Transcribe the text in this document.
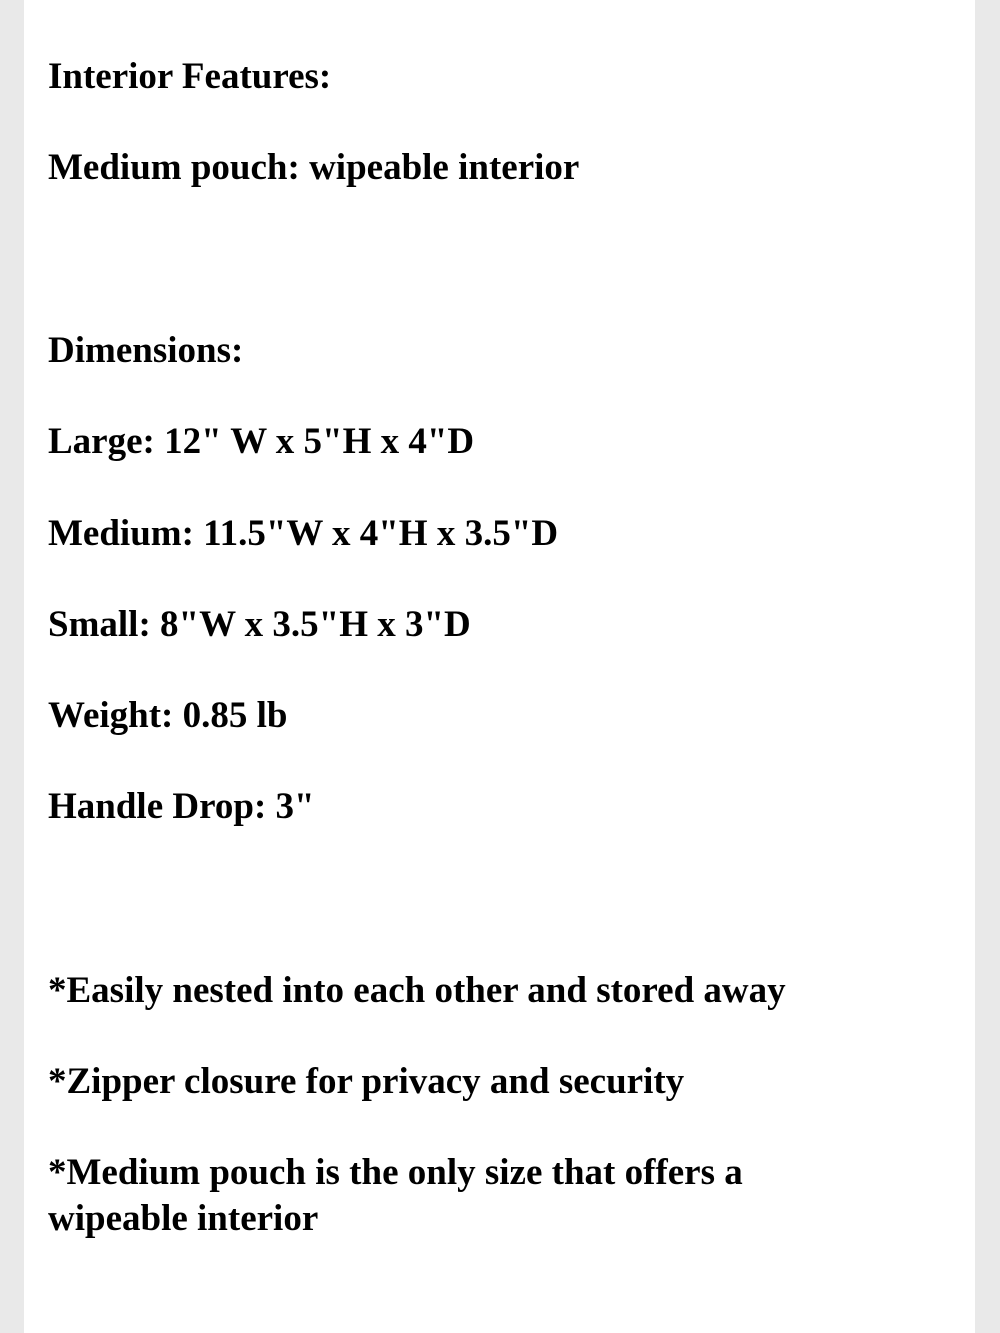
Interior Features:

Medium pouch: wipeable interior

Dimensions:

Large: 12" W x 5"H x 4"D

Medium: 11.5"W x 4"H x 3.5"D

Small: 8"W x 3.5"H x 3"D

Weight: 0.85 lb

Handle Drop: 3"

*Easily nested into each other and stored away

*Zipper closure for privacy and security

*Medium pouch is the only size that offers a wipeable interior
